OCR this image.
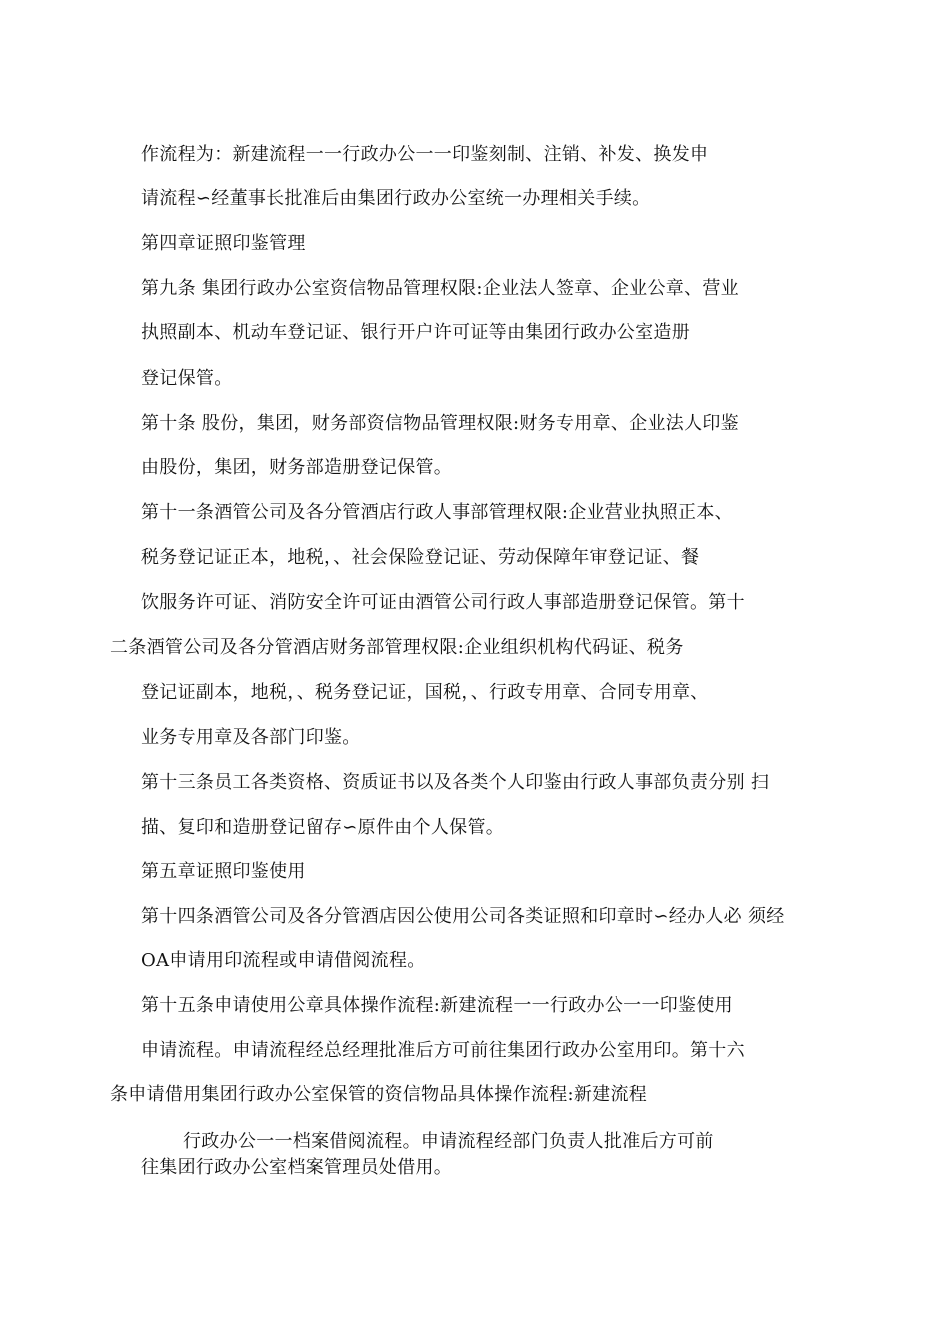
作流程为：新建流程一一行政办公一一印鉴刻制、注销、补发、换发申
请流程∽经董事长批准后由集团行政办公室统一办理相关手续。
第四章证照印鉴管理
第九条 集团行政办公室资信物品管理权限:企业法人签章、企业公章、营业
执照副本、机动车登记证、银行开户许可证等由集团行政办公室造册
登记保管。
第十条 股份，集团，财务部资信物品管理权限:财务专用章、企业法人印鉴
由股份，集团，财务部造册登记保管。
第十一条酒管公司及各分管酒店行政人事部管理权限:企业营业执照正本、
税务登记证正本，地税，、社会保险登记证、劳动保障年审登记证、餐
饮服务许可证、消防安全许可证由酒管公司行政人事部造册登记保管。第十
二条酒管公司及各分管酒店财务部管理权限:企业组织机构代码证、税务
登记证副本，地税，、税务登记证，国税，、行政专用章、合同专用章、
业务专用章及各部门印鉴。
第十三条员工各类资格、资质证书以及各类个人印鉴由行政人事部负责分别 扫
描、复印和造册登记留存∽原件由个人保管。
第五章证照印鉴使用
第十四条酒管公司及各分管酒店因公使用公司各类证照和印章时∽经办人必 须经
OA申请用印流程或申请借阅流程。
第十五条申请使用公章具体操作流程:新建流程一一行政办公一一印鉴使用
申请流程。申请流程经总经理批准后方可前往集团行政办公室用印。第十六
条申请借用集团行政办公室保管的资信物品具体操作流程:新建流程
行政办公一一档案借阅流程。申请流程经部门负责人批准后方可前
往集团行政办公室档案管理员处借用。
